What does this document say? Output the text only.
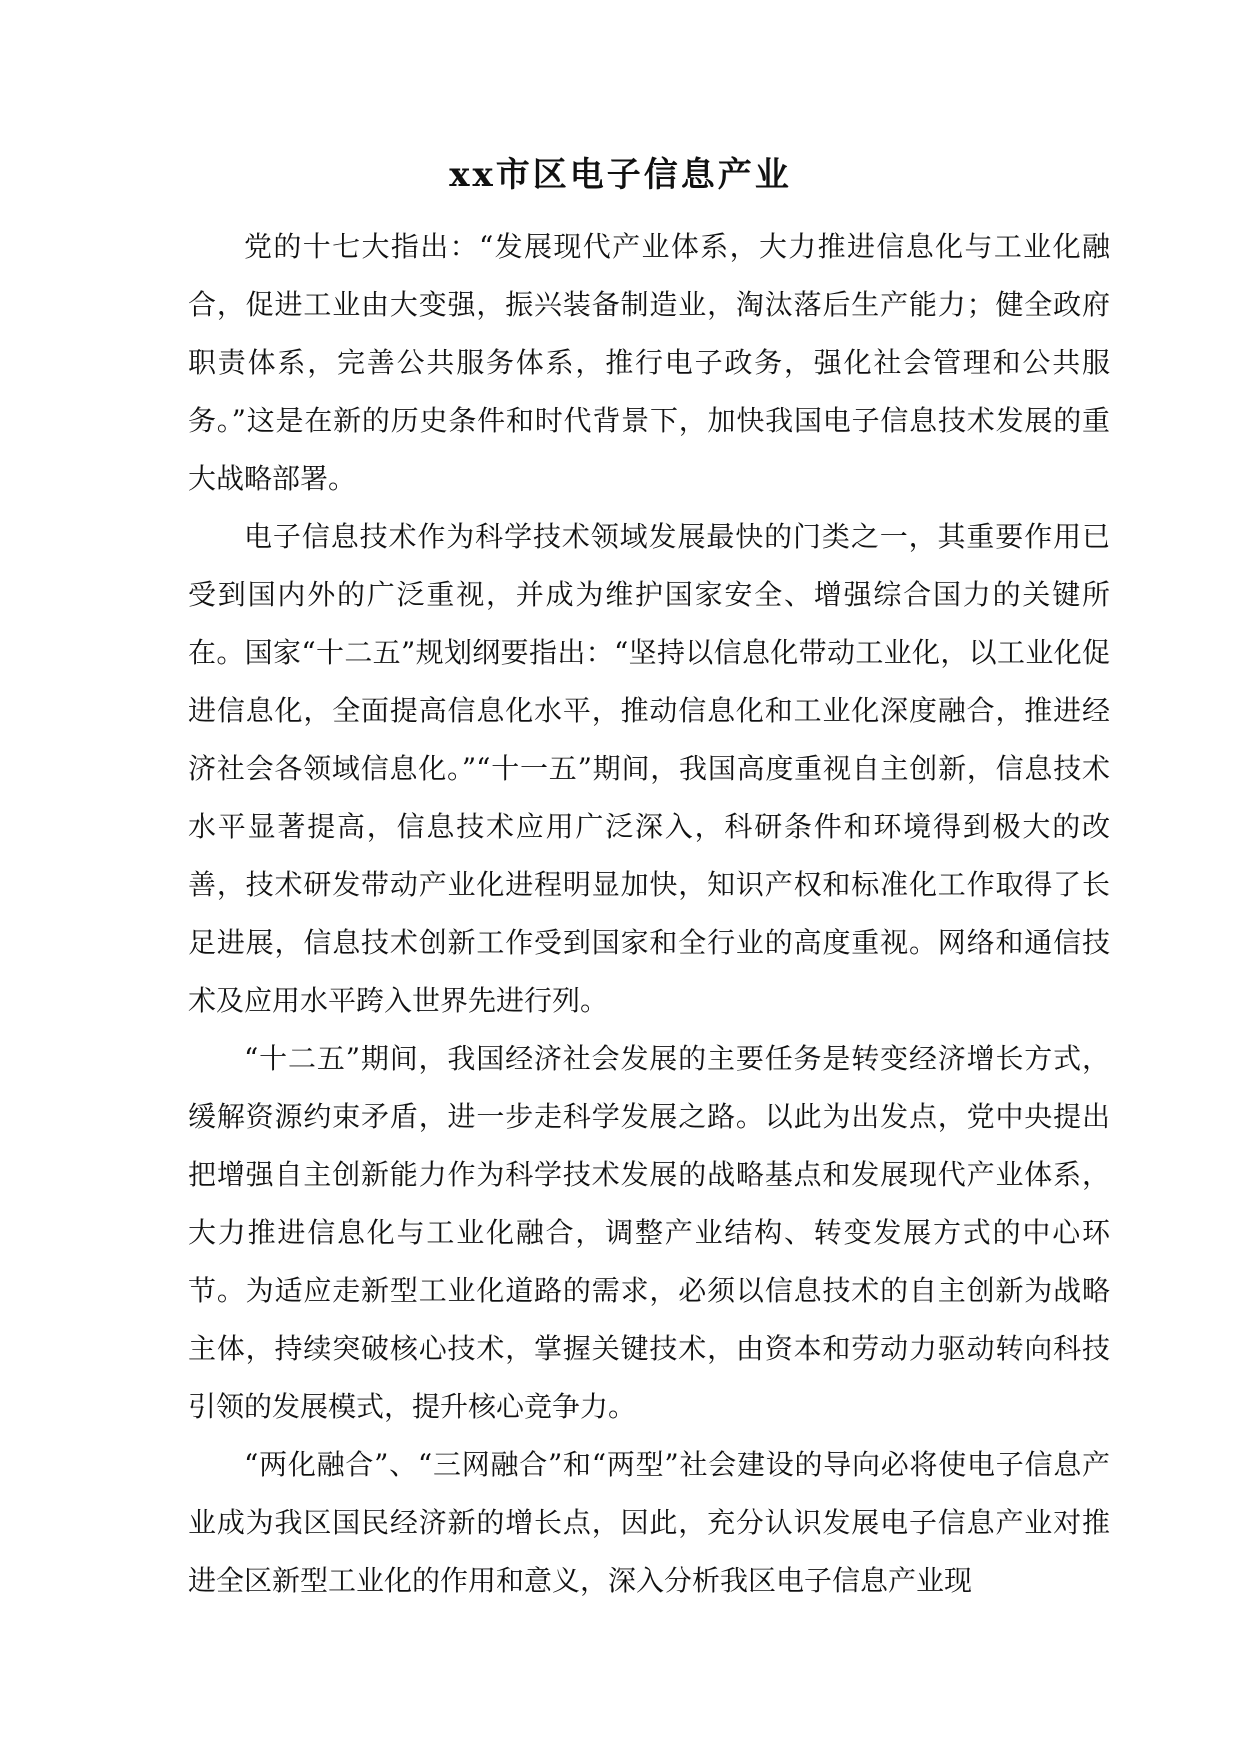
xx市区电子信息产业

党的十七大指出：“发展现代产业体系，大力推进信息化与工业化融合，促进工业由大变强，振兴装备制造业，淘汰落后生产能力；健全政府职责体系，完善公共服务体系，推行电子政务，强化社会管理和公共服务。”这是在新的历史条件和时代背景下，加快我国电子信息技术发展的重大战略部署。

电子信息技术作为科学技术领域发展最快的门类之一，其重要作用已受到国内外的广泛重视，并成为维护国家安全、增强综合国力的关键所在。国家“十二五”规划纲要指出：“坚持以信息化带动工业化，以工业化促进信息化，全面提高信息化水平，推动信息化和工业化深度融合，推进经济社会各领域信息化。”“十一五”期间，我国高度重视自主创新，信息技术水平显著提高，信息技术应用广泛深入，科研条件和环境得到极大的改善，技术研发带动产业化进程明显加快，知识产权和标准化工作取得了长足进展，信息技术创新工作受到国家和全行业的高度重视。网络和通信技术及应用水平跨入世界先进行列。

“十二五”期间，我国经济社会发展的主要任务是转变经济增长方式，缓解资源约束矛盾，进一步走科学发展之路。以此为出发点，党中央提出把增强自主创新能力作为科学技术发展的战略基点和发展现代产业体系，大力推进信息化与工业化融合，调整产业结构、转变发展方式的中心环节。为适应走新型工业化道路的需求，必须以信息技术的自主创新为战略主体，持续突破核心技术，掌握关键技术，由资本和劳动力驱动转向科技引领的发展模式，提升核心竞争力。

“两化融合”、“三网融合”和“两型”社会建设的导向必将使电子信息产业成为我区国民经济新的增长点，因此，充分认识发展电子信息产业对推进全区新型工业化的作用和意义，深入分析我区电子信息产业现
